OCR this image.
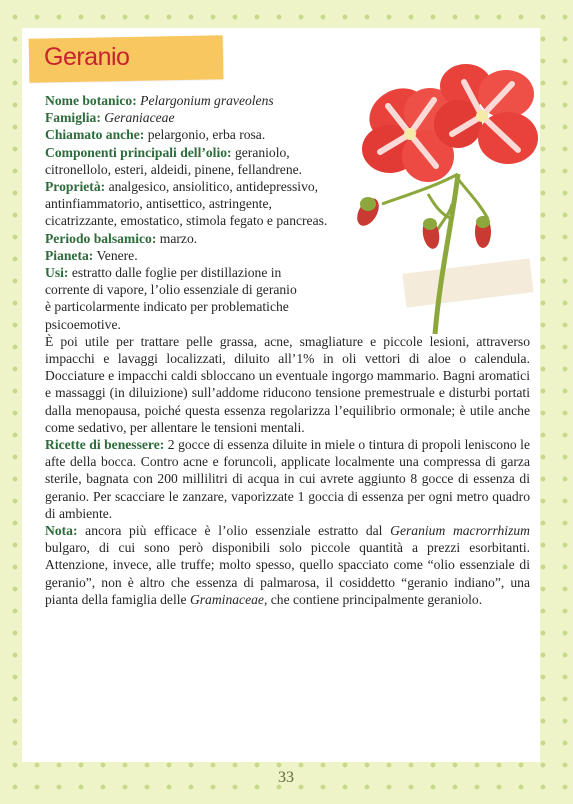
Geranio

Nome botanico: Pelargonium graveolens

Famiglia: Geraniaceae

Chiamato anche: pelargonio, erba rosa.

Componenti principali dell’olio: geraniolo, citronellolo, esteri, aldeidi, pinene, fellandrene.

Proprietà: analgesico, ansiolitico, antidepressivo, antinfiammatorio, antisettico, astringente, cicatrizzante, emostatico, stimola fegato e pancreas.

Periodo balsamico: marzo.

Pianeta: Venere.

Usi: estratto dalle foglie per distillazione in corrente di vapore, l’olio essenziale di geranio è particolarmente indicato per problematiche psicoemotive.

È poi utile per trattare pelle grassa, acne, smagliature e piccole lesioni, attraverso impacchi e lavaggi localizzati, diluito all’1% in oli vettori di aloe o calendula. Docciature e impacchi caldi sbloccano un eventuale ingorgo mammario. Bagni aromatici e massaggi (in diluizione) sull’addome riducono tensione premestruale e disturbi portati dalla menopausa, poiché questa essenza regolarizza l’equilibrio ormonale; è utile anche come sedativo, per allentare le tensioni mentali.

Ricette di benessere: 2 gocce di essenza diluite in miele o tintura di propoli leniscono le afte della bocca. Contro acne e foruncoli, applicate localmente una compressa di garza sterile, bagnata con 200 millilitri di acqua in cui avrete aggiunto 8 gocce di essenza di geranio. Per scacciare le zanzare, vaporizzate 1 goccia di essenza per ogni metro quadro di ambiente.

Nota: ancora più efficace è l’olio essenziale estratto dal Geranium macrorrhizum bulgaro, di cui sono però disponibili solo piccole quantità a prezzi esorbitanti. Attenzione, invece, alle truffe; molto spesso, quello spacciato come “olio essenziale di geranio”, non è altro che essenza di palmarosa, il cosiddetto “geranio indiano”, una pianta della famiglia delle Graminaceae, che contiene principalmente geraniolo.

33
